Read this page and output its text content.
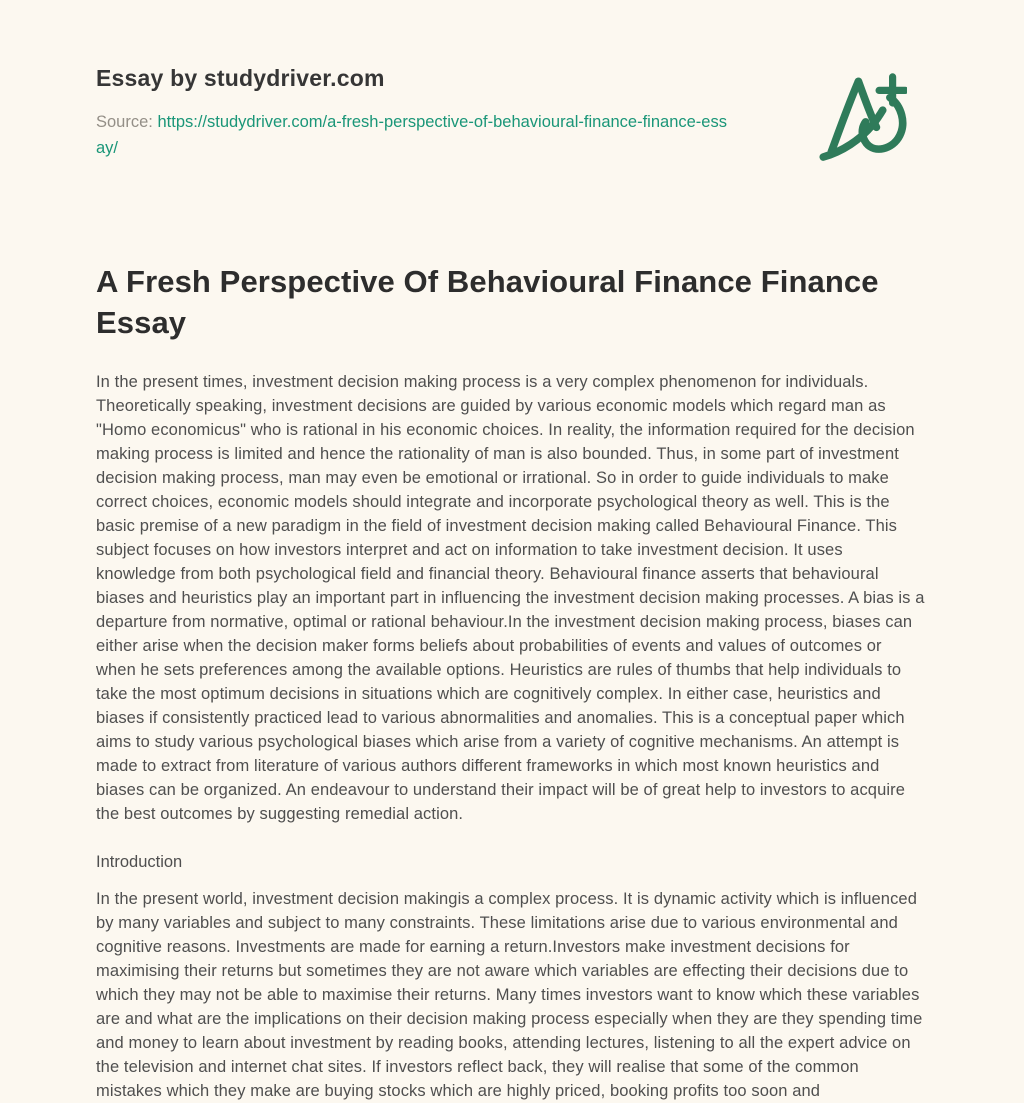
Essay by studydriver.com
Source: https://studydriver.com/a-fresh-perspective-of-behavioural-finance-finance-essay/
A Fresh Perspective Of Behavioural Finance Finance Essay

In the present times, investment decision making process is a very complex phenomenon for individuals. Theoretically speaking, investment decisions are guided by various economic models which regard man as "Homo economicus" who is rational in his economic choices. In reality, the information required for the decision making process is limited and hence the rationality of man is also bounded. Thus, in some part of investment decision making process, man may even be emotional or irrational. So in order to guide individuals to make correct choices, economic models should integrate and incorporate psychological theory as well. This is the basic premise of a new paradigm in the field of investment decision making called Behavioural Finance. This subject focuses on how investors interpret and act on information to take investment decision. It uses knowledge from both psychological field and financial theory. Behavioural finance asserts that behavioural biases and heuristics play an important part in influencing the investment decision making processes. A bias is a departure from normative, optimal or rational behaviour.In the investment decision making process, biases can either arise when the decision maker forms beliefs about probabilities of events and values of outcomes or when he sets preferences among the available options. Heuristics are rules of thumbs that help individuals to take the most optimum decisions in situations which are cognitively complex. In either case, heuristics and biases if consistently practiced lead to various abnormalities and anomalies. This is a conceptual paper which aims to study various psychological biases which arise from a variety of cognitive mechanisms. An attempt is made to extract from literature of various authors different frameworks in which most known heuristics and biases can be organized. An endeavour to understand their impact will be of great help to investors to acquire the best outcomes by suggesting remedial action.

Introduction

In the present world, investment decision makingis a complex process. It is dynamic activity which is influenced by many variables and subject to many constraints. These limitations arise due to various environmental and cognitive reasons. Investments are made for earning a return.Investors make investment decisions for maximising their returns but sometimes they are not aware which variables are effecting their decisions due to which they may not be able to maximise their returns. Many times investors want to know which these variables are and what are the implications on their decision making process especially when they are they spending time and money to learn about investment by reading books, attending lectures, listening to all the expert advice on the television and internet chat sites. If investors reflect back, they will realise that some of the common mistakes which they make are buying stocks which are highly priced, booking profits too soon and
